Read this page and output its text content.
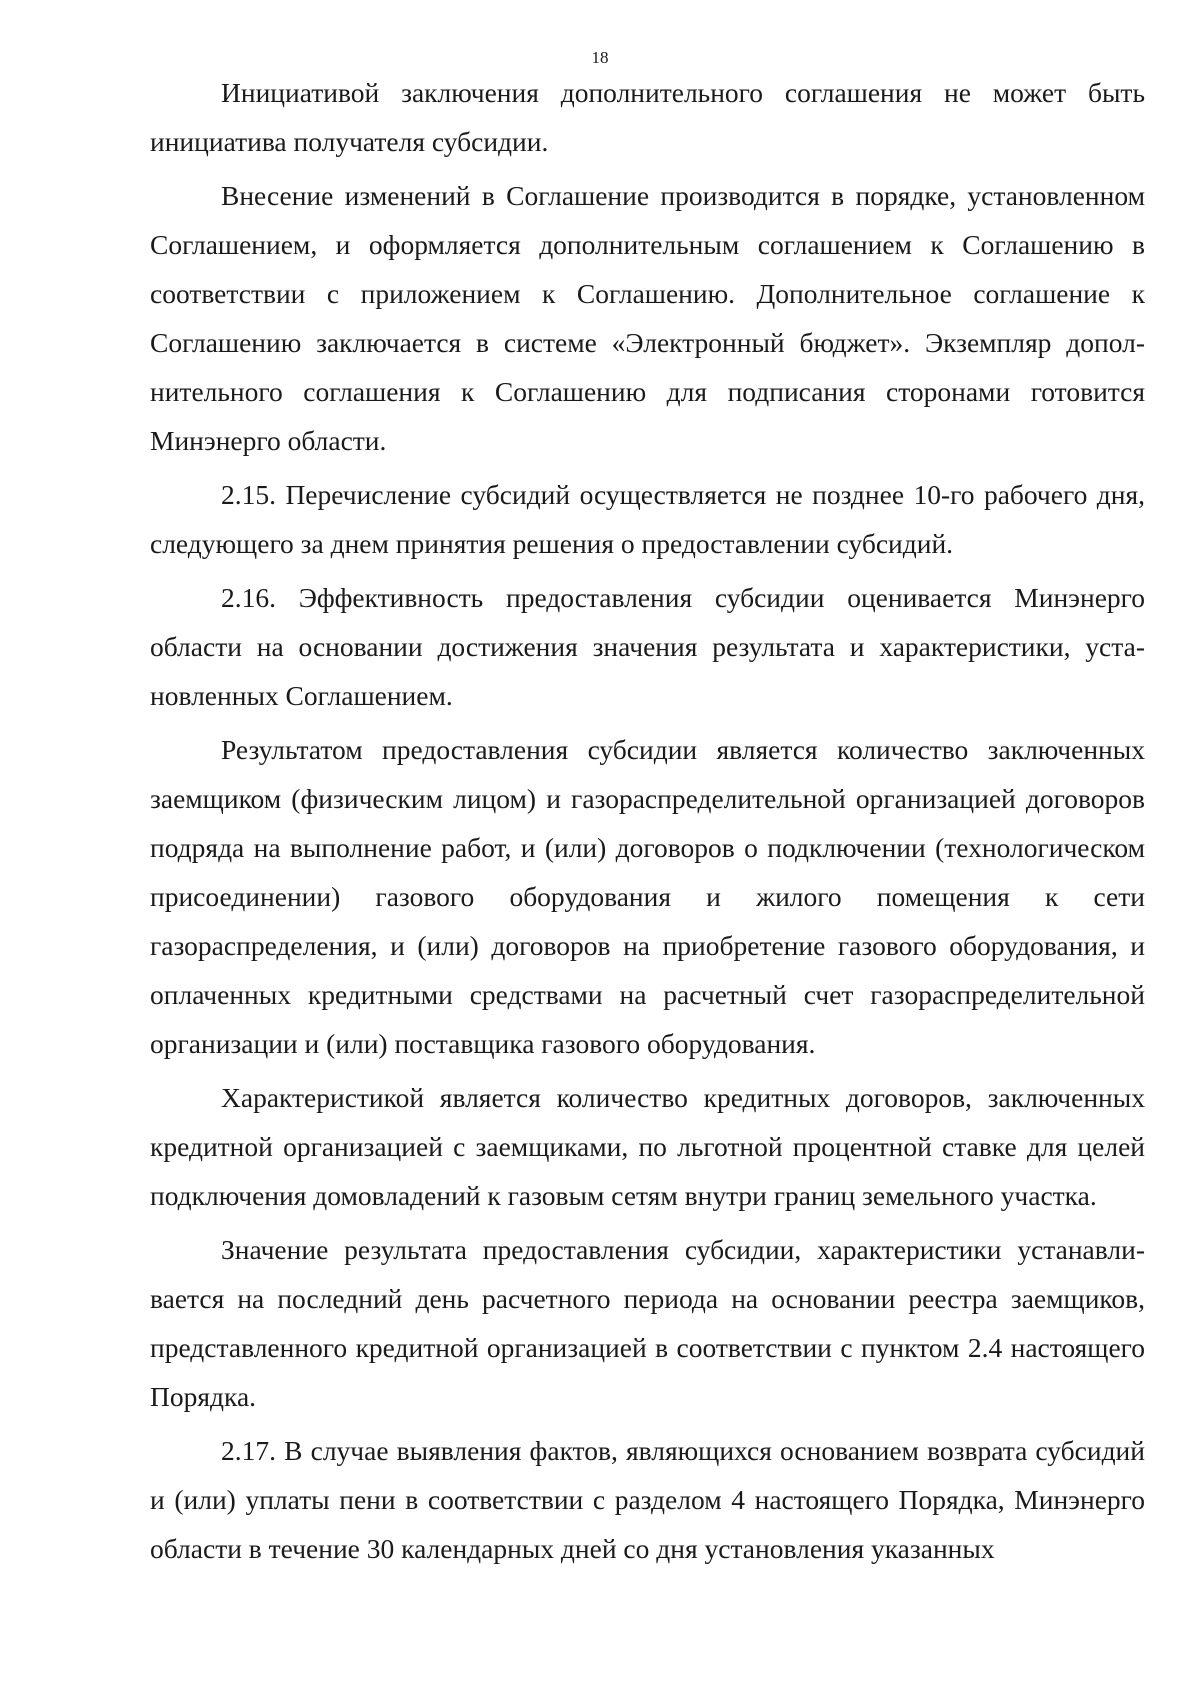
18

Инициативой заключения дополнительного соглашения не может быть инициатива получателя субсидии.

Внесение изменений в Соглашение производится в порядке, установленном Соглашением, и оформляется дополнительным соглашением к Соглашению в соответствии с приложением к Соглашению. Дополнительное соглашение к Соглашению заключается в системе «Электронный бюджет». Экземпляр дополнительного соглашения к Соглашению для подписания сторонами готовится Минэнерго области.

2.15. Перечисление субсидий осуществляется не позднее 10-го рабочего дня, следующего за днем принятия решения о предоставлении субсидий.

2.16. Эффективность предоставления субсидии оценивается Минэнерго области на основании достижения значения результата и характеристики, установленных Соглашением.

Результатом предоставления субсидии является количество заключенных заемщиком (физическим лицом) и газораспределительной организацией договоров подряда на выполнение работ, и (или) договоров о подключении (технологическом присоединении) газового оборудования и жилого помещения к сети газораспределения, и (или) договоров на приобретение газового оборудования, и оплаченных кредитными средствами на расчетный счет газораспределительной организации и (или) поставщика газового оборудования.

Характеристикой является количество кредитных договоров, заключенных кредитной организацией с заемщиками, по льготной процентной ставке для целей подключения домовладений к газовым сетям внутри границ земельного участка.

Значение результата предоставления субсидии, характеристики устанавливается на последний день расчетного периода на основании реестра заемщиков, представленного кредитной организацией в соответствии с пунктом 2.4 настоящего Порядка.

2.17. В случае выявления фактов, являющихся основанием возврата субсидий и (или) уплаты пени в соответствии с разделом 4 настоящего Порядка, Минэнерго области в течение 30 календарных дней со дня установления указанных
